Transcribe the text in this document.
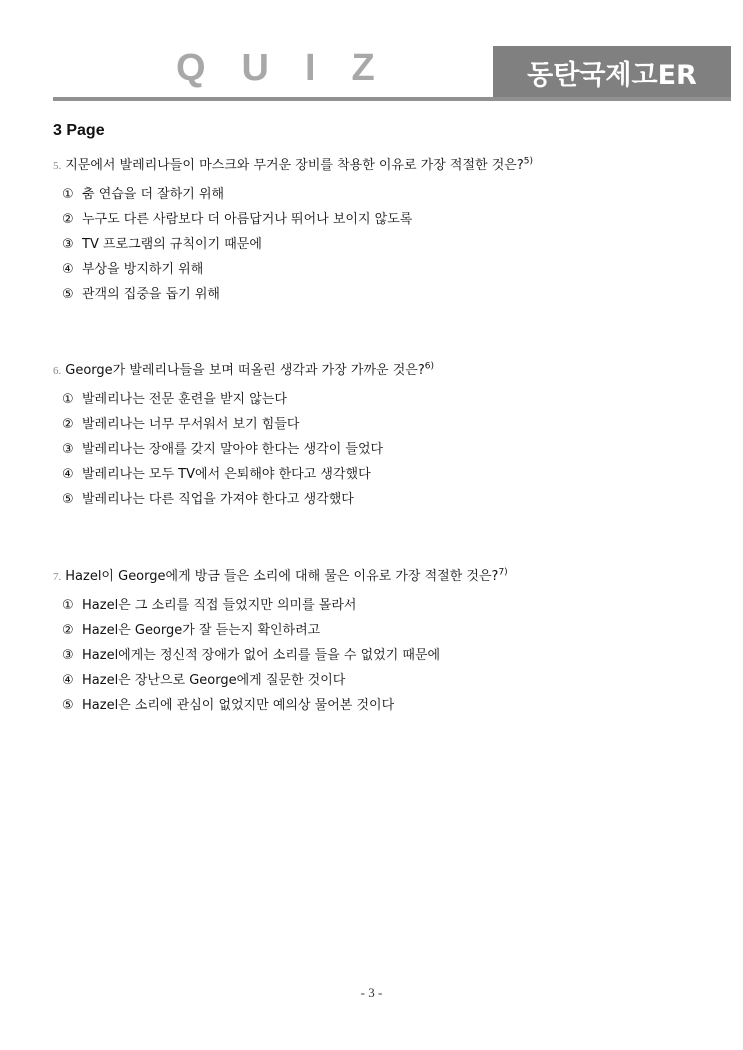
QUIZ	동탄국제고ER
3 Page
5. 지문에서 발레리나들이 마스크와 무거운 장비를 착용한 이유로 가장 적절한 것은?$^{5)}$
① 춤 연습을 더 잘하기 위해
② 누구도 다른 사람보다 더 아름답거나 뛰어나 보이지 않도록
③ TV 프로그램의 규칙이기 때문에
④ 부상을 방지하기 위해
⑤ 관객의 집중을 돕기 위해
6. George가 발레리나들을 보며 떠올린 생각과 가장 가까운 것은?$^{6)}$
① 발레리나는 전문 훈련을 받지 않는다
② 발레리나는 너무 무서워서 보기 힘들다
③ 발레리나는 장애를 갖지 말아야 한다는 생각이 들었다
④ 발레리나는 모두 TV에서 은퇴해야 한다고 생각했다
⑤ 발레리나는 다른 직업을 가져야 한다고 생각했다
7. Hazel이 George에게 방금 들은 소리에 대해 물은 이유로 가장 적절한 것은?$^{7)}$
① Hazel은 그 소리를 직접 들었지만 의미를 몰라서
② Hazel은 George가 잘 듣는지 확인하려고
③ Hazel에게는 정신적 장애가 없어 소리를 들을 수 없었기 때문에
④ Hazel은 장난으로 George에게 질문한 것이다
⑤ Hazel은 소리에 관심이 없었지만 예의상 물어본 것이다
- 3 -
